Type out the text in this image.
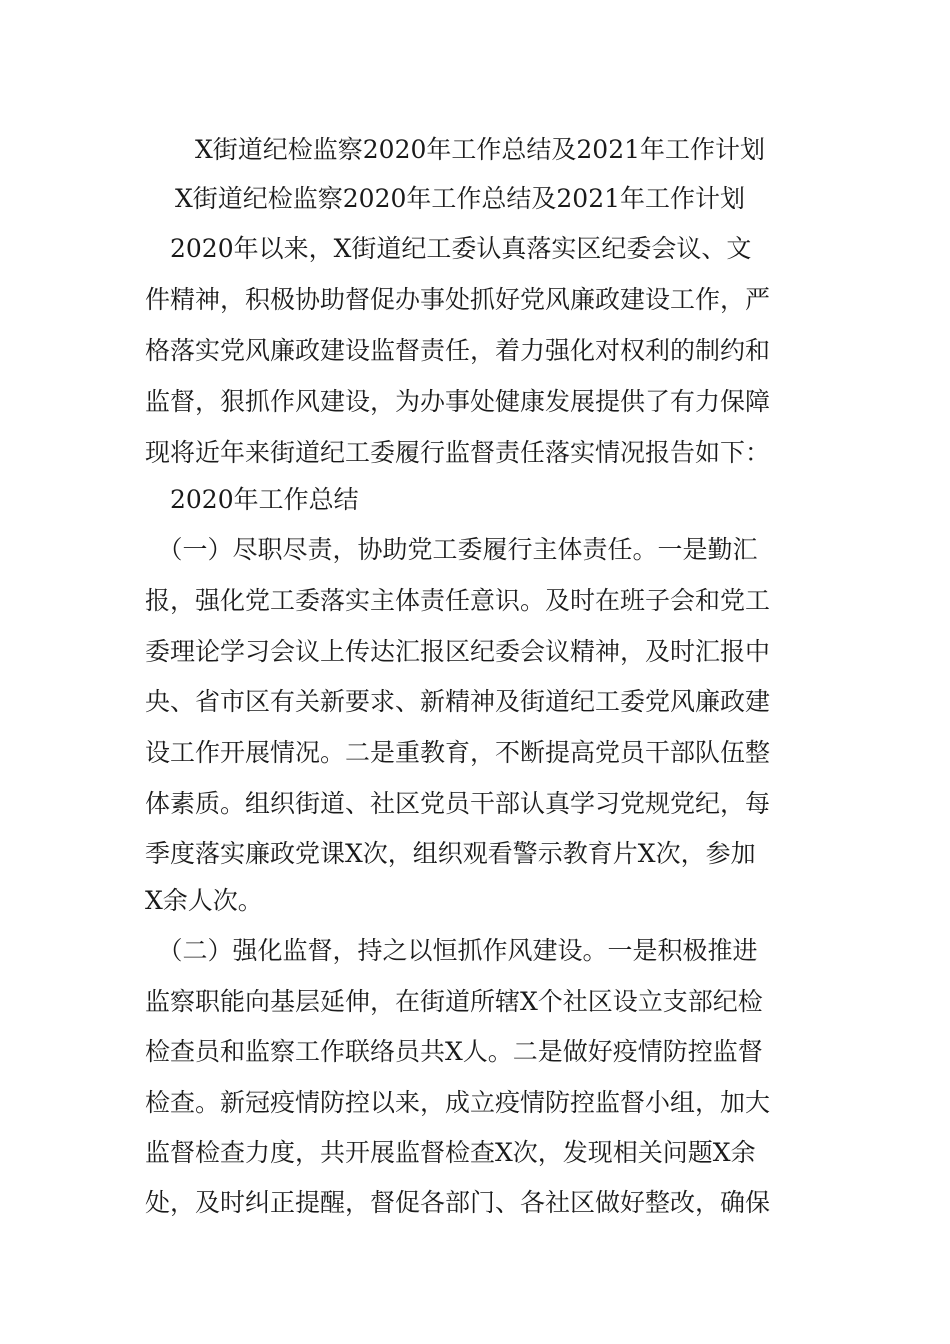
X街道纪检监察2020年工作总结及2021年工作计划
X街道纪检监察2020年工作总结及2021年工作计划
　2020年以来，X街道纪工委认真落实区纪委会议、文
件精神，积极协助督促办事处抓好党风廉政建设工作，严
格落实党风廉政建设监督责任，着力强化对权利的制约和
监督，狠抓作风建设，为办事处健康发展提供了有力保障
现将近年来街道纪工委履行监督责任落实情况报告如下：
　2020年工作总结
　（一）尽职尽责，协助党工委履行主体责任。一是勤汇
报，强化党工委落实主体责任意识。及时在班子会和党工
委理论学习会议上传达汇报区纪委会议精神，及时汇报中
央、省市区有关新要求、新精神及街道纪工委党风廉政建
设工作开展情况。二是重教育，不断提高党员干部队伍整
体素质。组织街道、社区党员干部认真学习党规党纪，每
季度落实廉政党课X次，组织观看警示教育片X次，参加
X余人次。
　（二）强化监督，持之以恒抓作风建设。一是积极推进
监察职能向基层延伸，在街道所辖X个社区设立支部纪检
检查员和监察工作联络员共X人。二是做好疫情防控监督
检查。新冠疫情防控以来，成立疫情防控监督小组，加大
监督检查力度，共开展监督检查X次，发现相关问题X余
处，及时纠正提醒，督促各部门、各社区做好整改，确保
